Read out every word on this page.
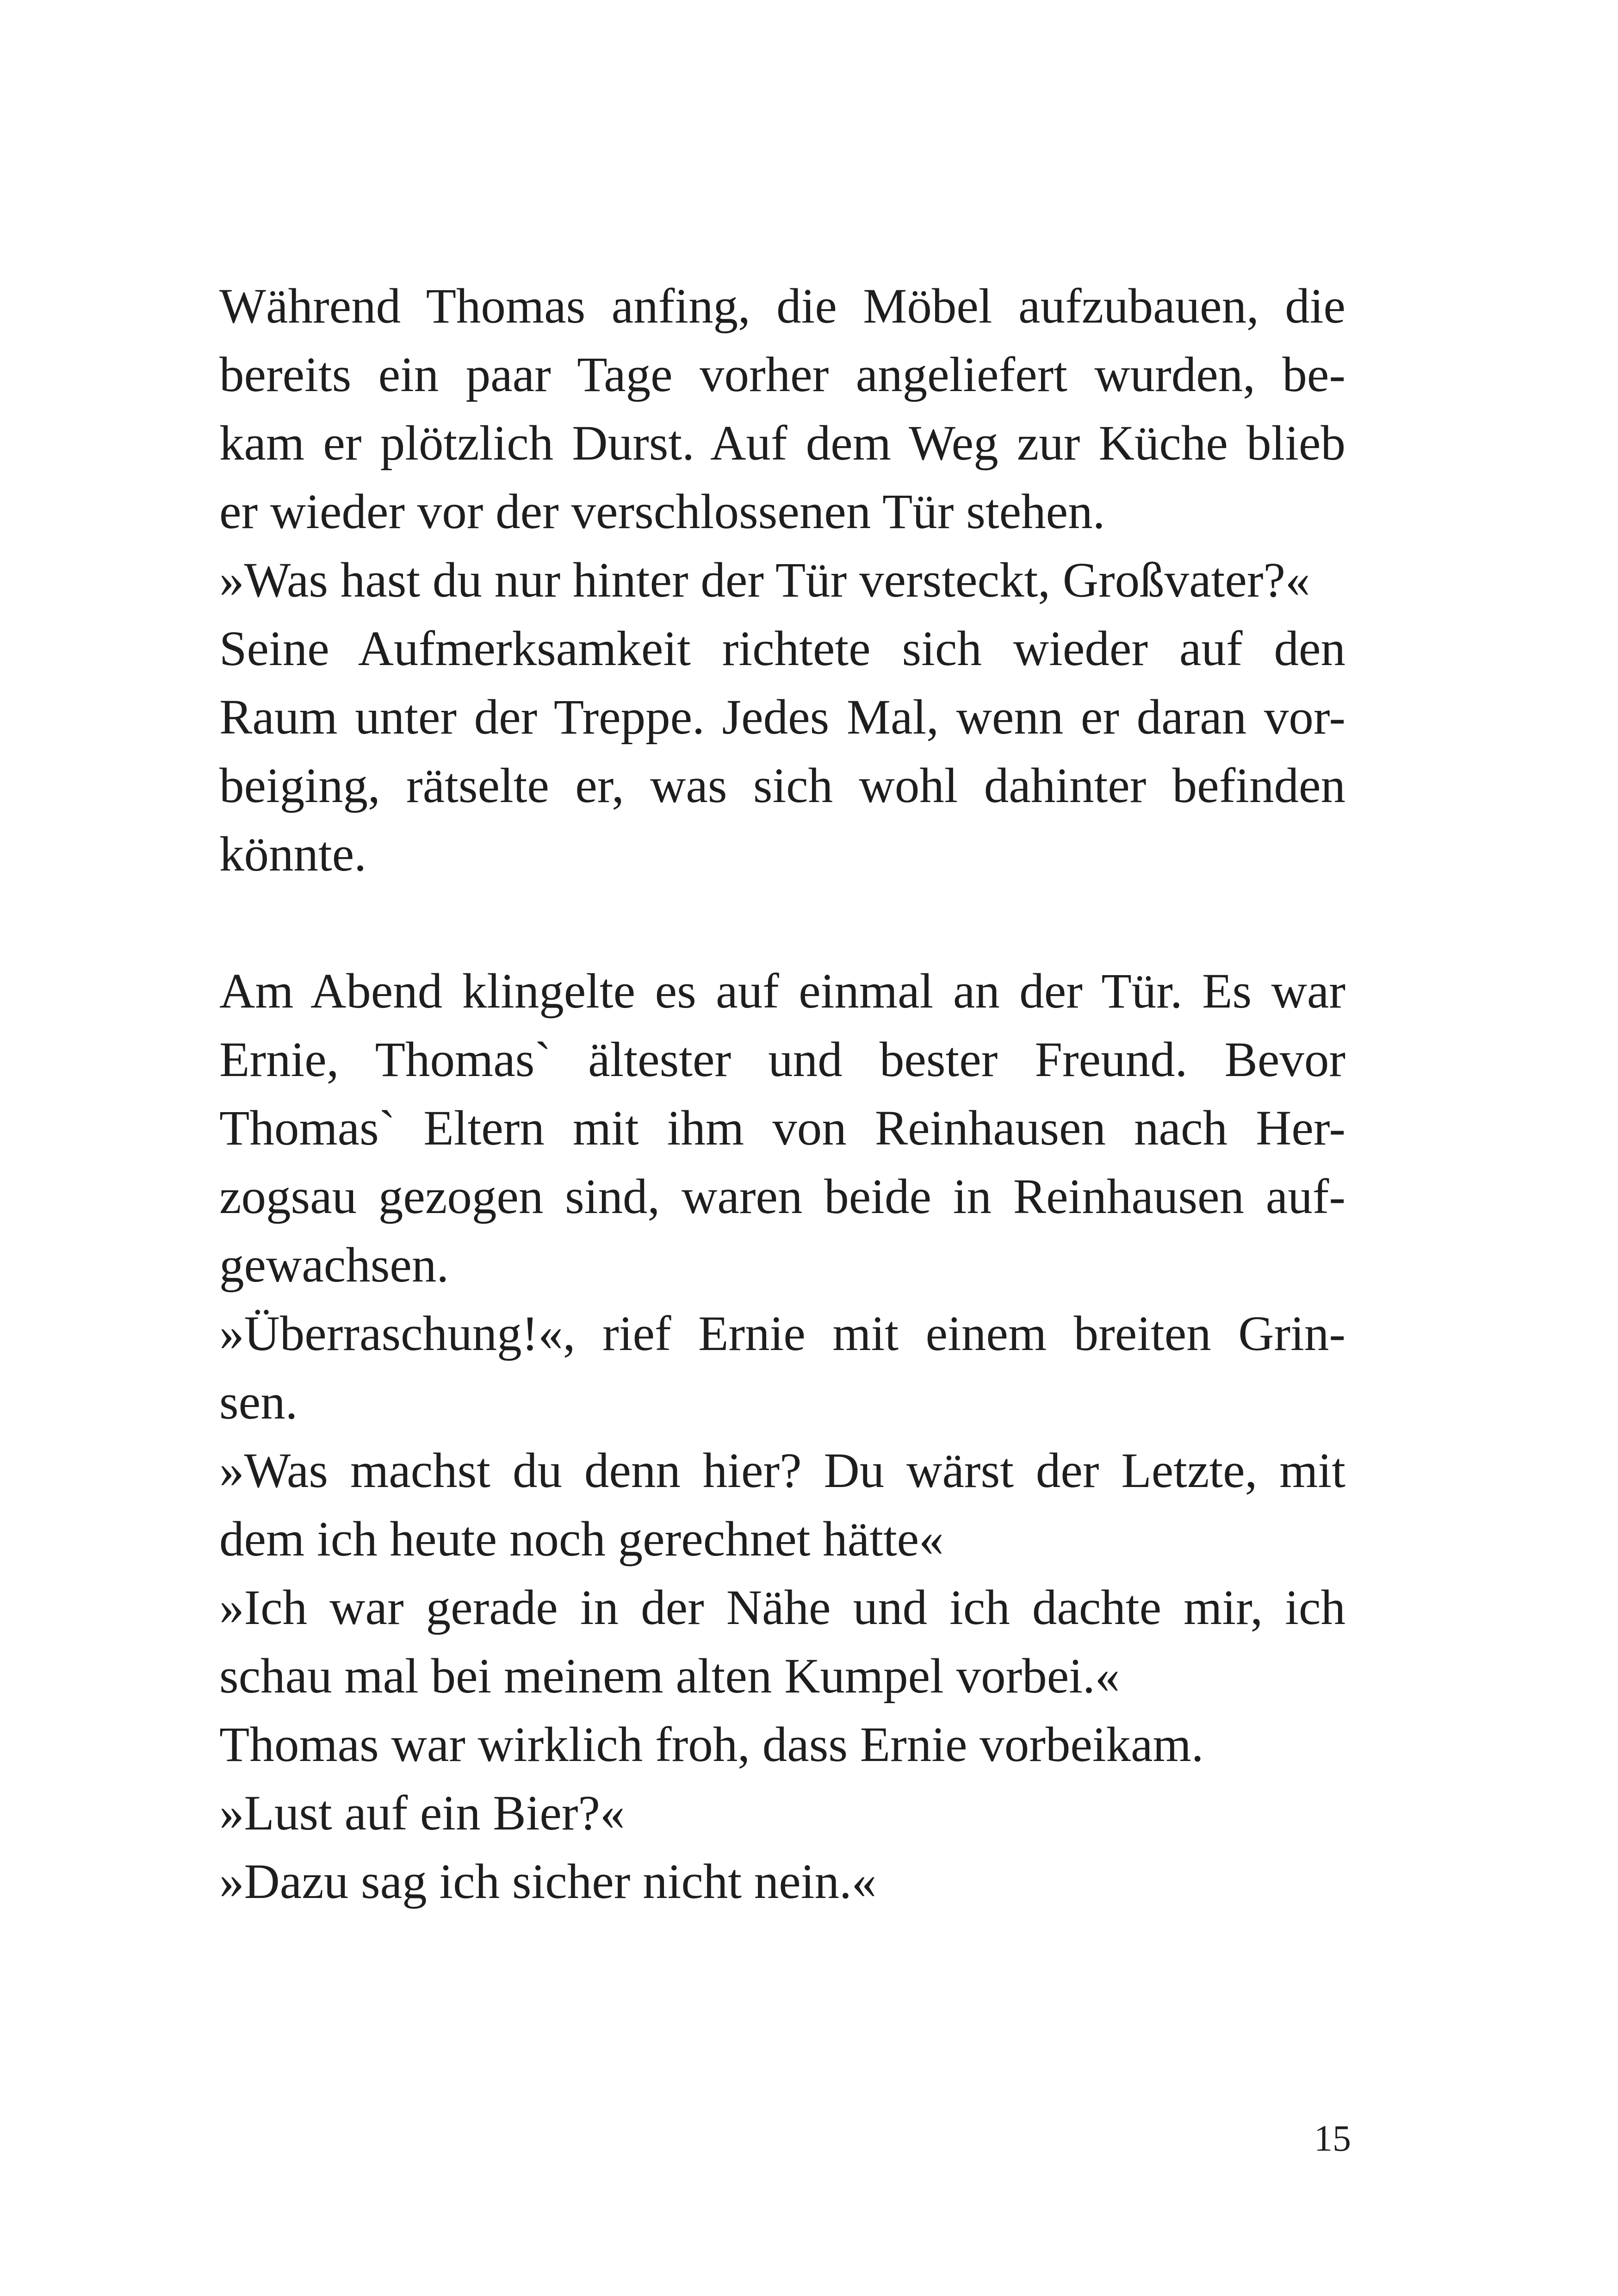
Während Thomas anfing, die Möbel aufzubauen, die
bereits ein paar Tage vorher angeliefert wurden, be-
kam er plötzlich Durst. Auf dem Weg zur Küche blieb
er wieder vor der verschlossenen Tür stehen.
»Was hast du nur hinter der Tür versteckt, Großvater?«
Seine Aufmerksamkeit richtete sich wieder auf den
Raum unter der Treppe. Jedes Mal, wenn er daran vor-
beiging, rätselte er, was sich wohl dahinter befinden
könnte.
Am Abend klingelte es auf einmal an der Tür. Es war
Ernie, Thomas` ältester und bester Freund. Bevor
Thomas` Eltern mit ihm von Reinhausen nach Her-
zogsau gezogen sind, waren beide in Reinhausen auf-
gewachsen.
»Überraschung!«, rief Ernie mit einem breiten Grin-
sen.
»Was machst du denn hier? Du wärst der Letzte, mit
dem ich heute noch gerechnet hätte«
»Ich war gerade in der Nähe und ich dachte mir, ich
schau mal bei meinem alten Kumpel vorbei.«
Thomas war wirklich froh, dass Ernie vorbeikam.
»Lust auf ein Bier?«
»Dazu sag ich sicher nicht nein.«
15
